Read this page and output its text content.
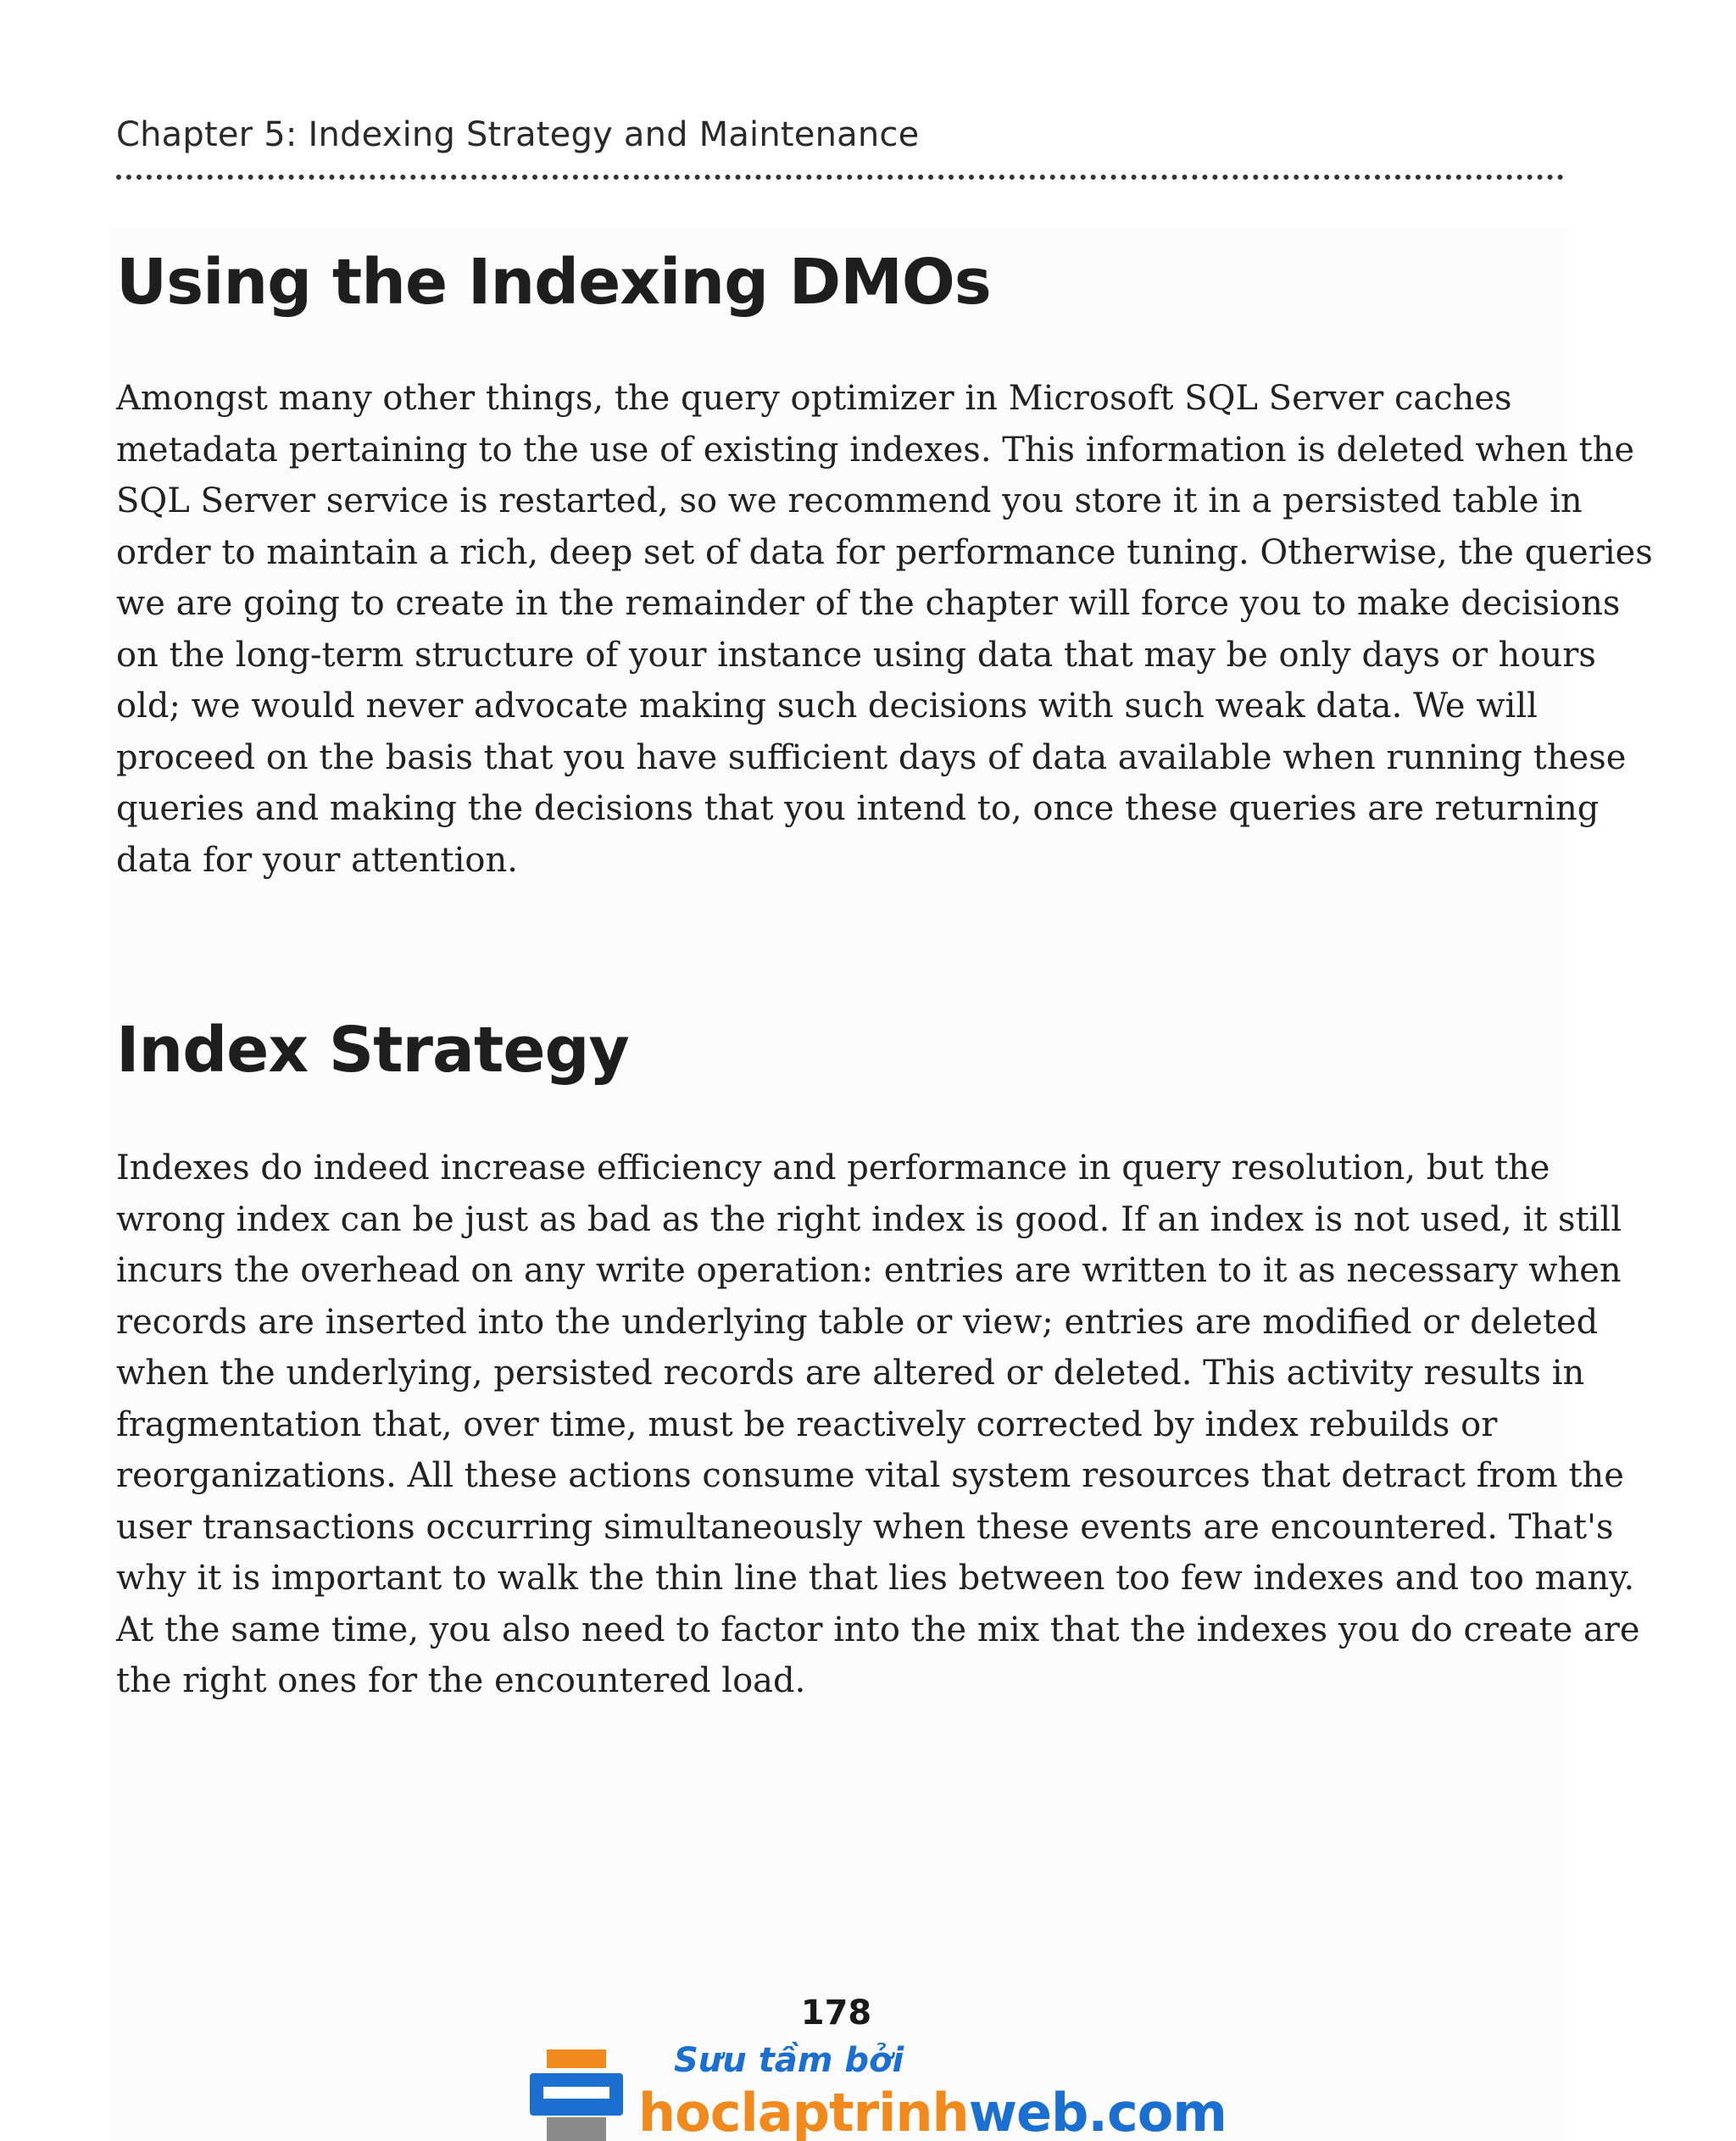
Chapter 5: Indexing Strategy and Maintenance
Using the Indexing DMOs

Amongst many other things, the query optimizer in Microsoft SQL Server caches
metadata pertaining to the use of existing indexes. This information is deleted when the
SQL Server service is restarted, so we recommend you store it in a persisted table in
order to maintain a rich, deep set of data for performance tuning. Otherwise, the queries
we are going to create in the remainder of the chapter will force you to make decisions
on the long-term structure of your instance using data that may be only days or hours
old; we would never advocate making such decisions with such weak data. We will
proceed on the basis that you have sufficient days of data available when running these
queries and making the decisions that you intend to, once these queries are returning
data for your attention.

Index Strategy

Indexes do indeed increase efficiency and performance in query resolution, but the
wrong index can be just as bad as the right index is good. If an index is not used, it still
incurs the overhead on any write operation: entries are written to it as necessary when
records are inserted into the underlying table or view; entries are modified or deleted
when the underlying, persisted records are altered or deleted. This activity results in
fragmentation that, over time, must be reactively corrected by index rebuilds or
reorganizations. All these actions consume vital system resources that detract from the
user transactions occurring simultaneously when these events are encountered. That's
why it is important to walk the thin line that lies between too few indexes and too many.
At the same time, you also need to factor into the mix that the indexes you do create are
the right ones for the encountered load.

178
Sưu tầm bởi
hoclaptrinhweb.com
